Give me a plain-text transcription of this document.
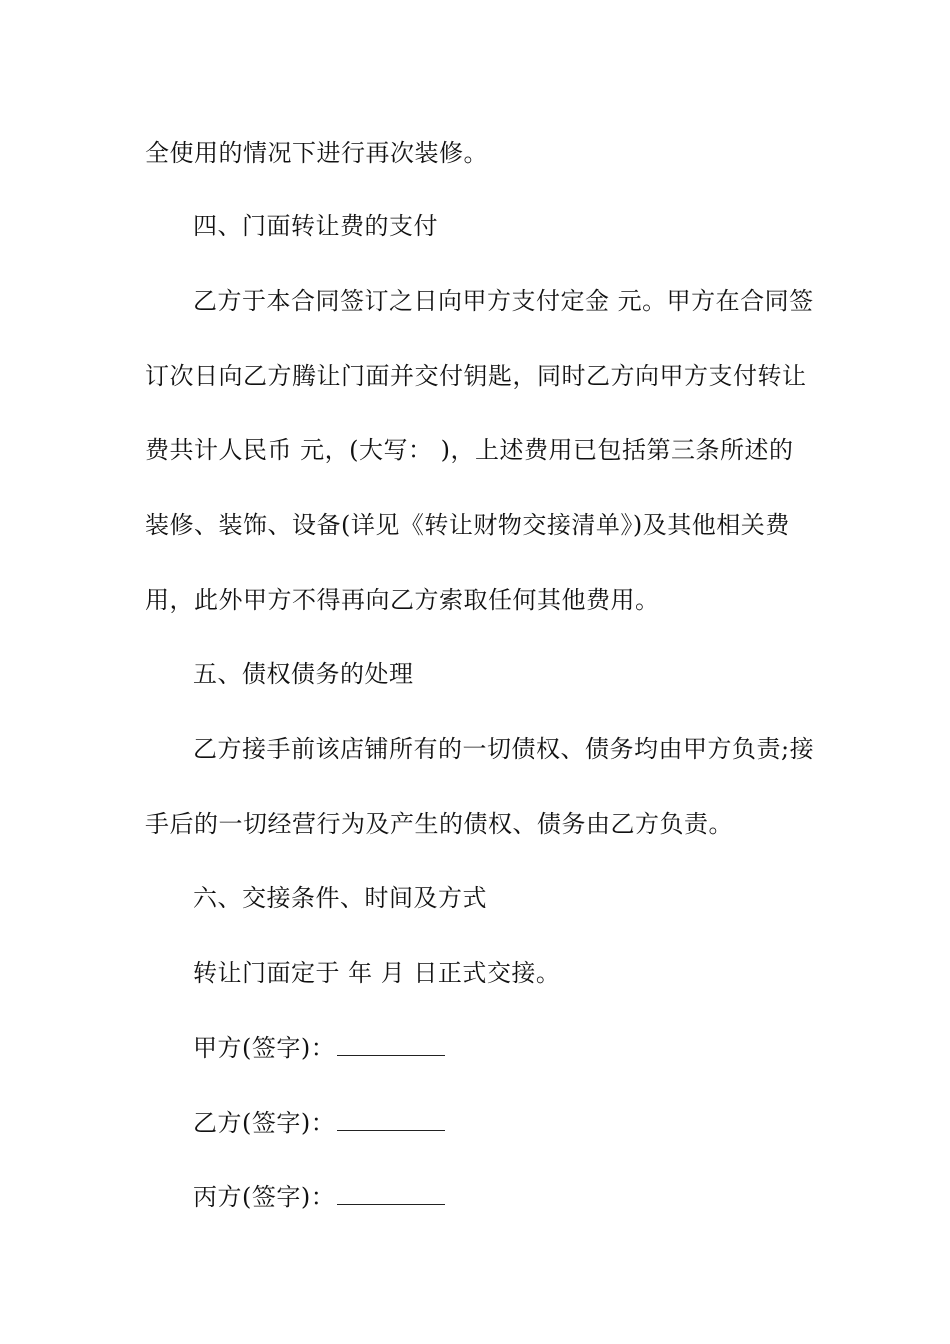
全使用的情况下进行再次装修。
四、门面转让费的支付
乙方于本合同签订之日向甲方支付定金 元。甲方在合同签
订次日向乙方腾让门面并交付钥匙，同时乙方向甲方支付转让
费共计人民币 元，(大写： )，上述费用已包括第三条所述的
装修、装饰、设备(详见《转让财物交接清单》)及其他相关费
用，此外甲方不得再向乙方索取任何其他费用。
五、债权债务的处理
乙方接手前该店铺所有的一切债权、债务均由甲方负责;接
手后的一切经营行为及产生的债权、债务由乙方负责。
六、交接条件、时间及方式
转让门面定于 年 月 日正式交接。
甲方(签字)：
乙方(签字)：
丙方(签字)：
